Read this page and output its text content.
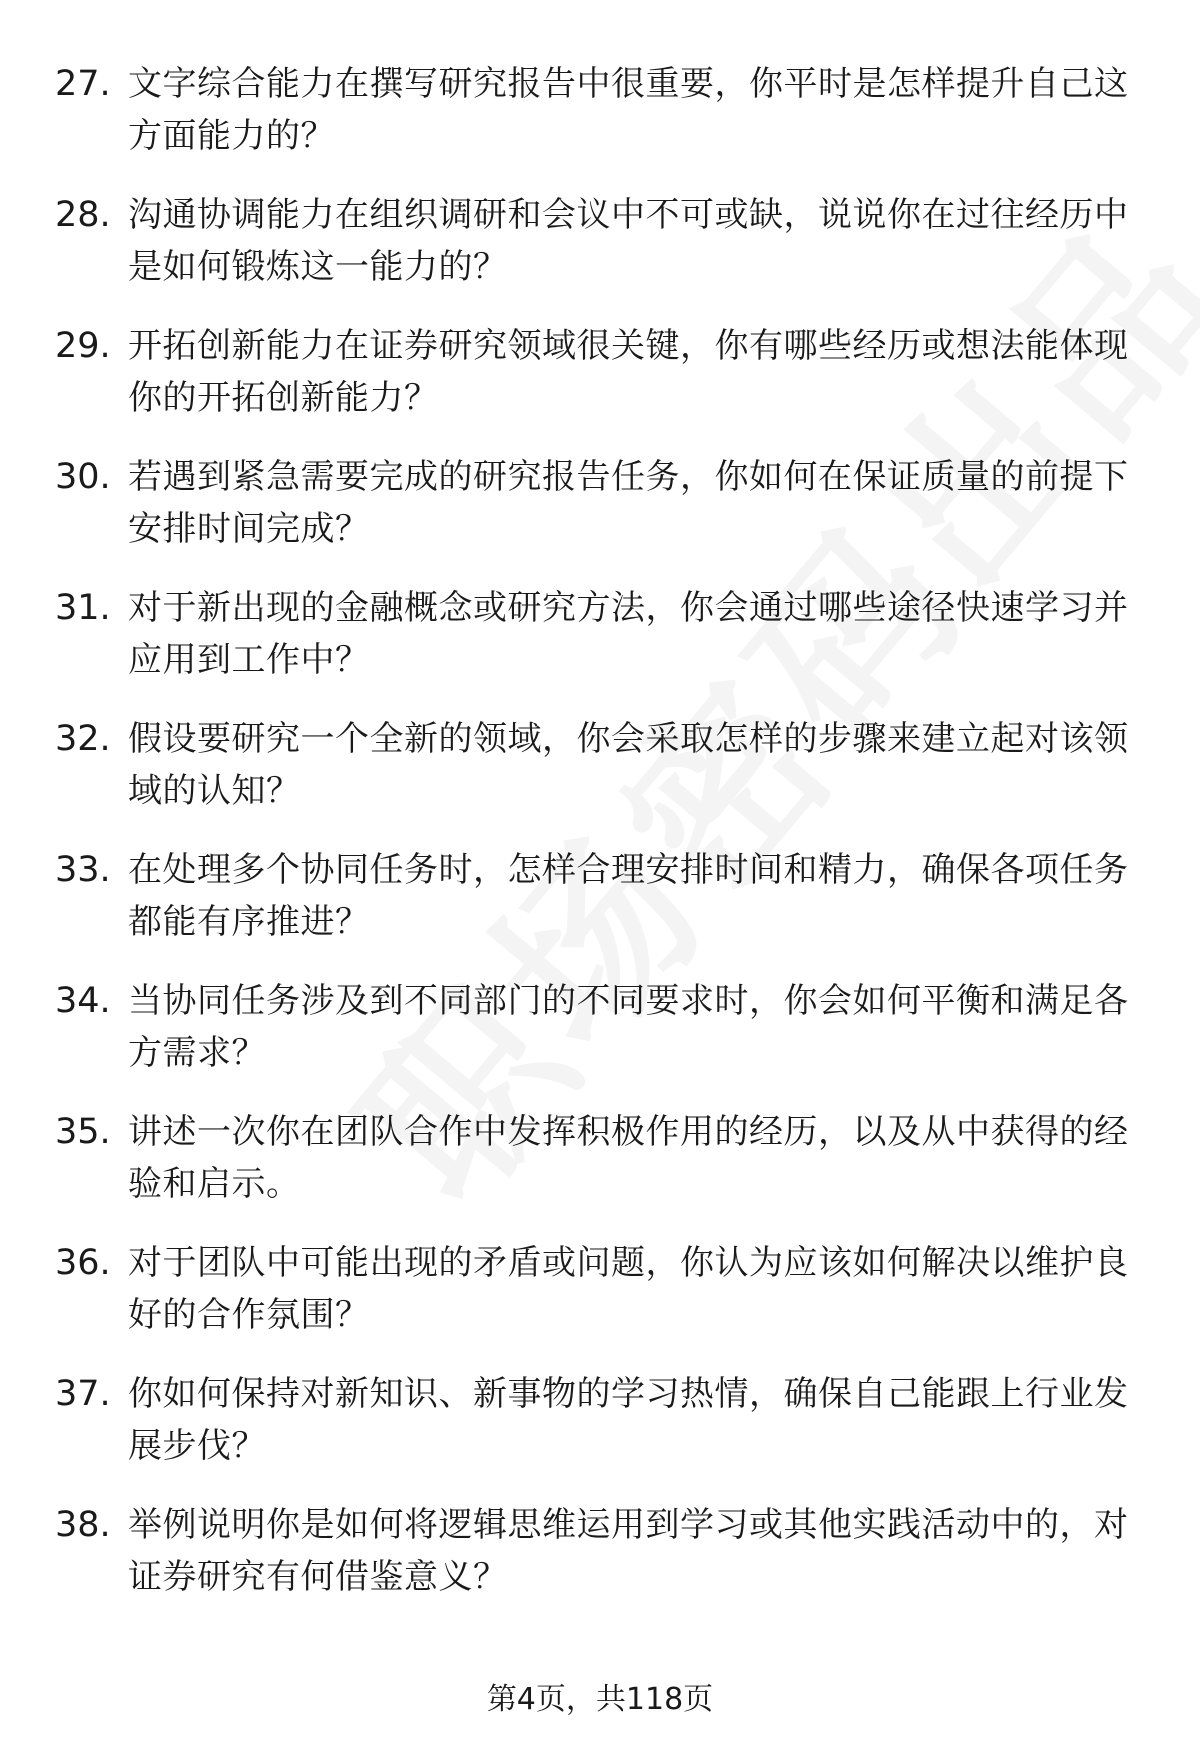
27. 文字综合能力在撰写研究报告中很重要，你平时是怎样提升自己这方面能力的？
28. 沟通协调能力在组织调研和会议中不可或缺，说说你在过往经历中是如何锻炼这一能力的？
29. 开拓创新能力在证券研究领域很关键，你有哪些经历或想法能体现你的开拓创新能力？
30. 若遇到紧急需要完成的研究报告任务，你如何在保证质量的前提下安排时间完成？
31. 对于新出现的金融概念或研究方法，你会通过哪些途径快速学习并应用到工作中？
32. 假设要研究一个全新的领域，你会采取怎样的步骤来建立起对该领域的认知？
33. 在处理多个协同任务时，怎样合理安排时间和精力，确保各项任务都能有序推进？
34. 当协同任务涉及到不同部门的不同要求时，你会如何平衡和满足各方需求？
35. 讲述一次你在团队合作中发挥积极作用的经历，以及从中获得的经验和启示。
36. 对于团队中可能出现的矛盾或问题，你认为应该如何解决以维护良好的合作氛围？
37. 你如何保持对新知识、新事物的学习热情，确保自己能跟上行业发展步伐？
38. 举例说明你是如何将逻辑思维运用到学习或其他实践活动中的，对证券研究有何借鉴意义？
第4页，共118页
